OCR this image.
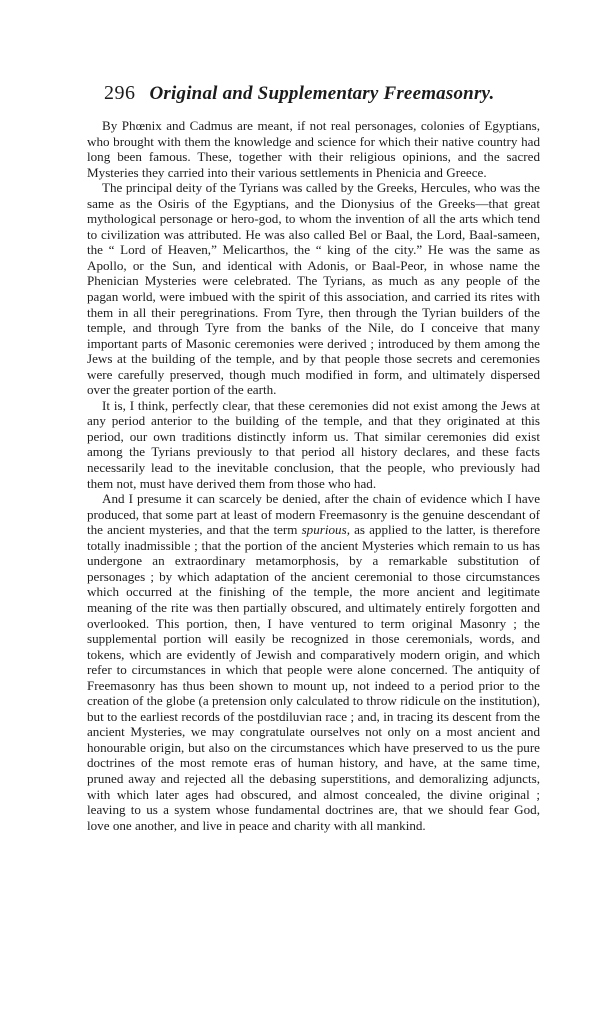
296 Original and Supplementary Freemasonry.

By Phœnix and Cadmus are meant, if not real personages, colonies of Egyptians, who brought with them the knowledge and science for which their native country had long been famous. These, together with their religious opinions, and the sacred Mysteries they carried into their various settlements in Phenicia and Greece.

The principal deity of the Tyrians was called by the Greeks, Hercules, who was the same as the Osiris of the Egyptians, and the Dionysius of the Greeks—that great mythological personage or hero-god, to whom the invention of all the arts which tend to civilization was attributed. He was also called Bel or Baal, the Lord, Baal-sameen, the “ Lord of Heaven,” Melicarthos, the “ king of the city.” He was the same as Apollo, or the Sun, and identical with Adonis, or Baal-Peor, in whose name the Phenician Mysteries were celebrated. The Tyrians, as much as any people of the pagan world, were imbued with the spirit of this association, and carried its rites with them in all their peregrinations. From Tyre, then through the Tyrian builders of the temple, and through Tyre from the banks of the Nile, do I conceive that many important parts of Masonic ceremonies were derived ; introduced by them among the Jews at the building of the temple, and by that people those secrets and ceremonies were carefully preserved, though much modified in form, and ultimately dispersed over the greater portion of the earth.

It is, I think, perfectly clear, that these ceremonies did not exist among the Jews at any period anterior to the building of the temple, and that they originated at this period, our own traditions distinctly inform us. That similar ceremonies did exist among the Tyrians previously to that period all history declares, and these facts necessarily lead to the inevitable conclusion, that the people, who previously had them not, must have derived them from those who had.

And I presume it can scarcely be denied, after the chain of evidence which I have produced, that some part at least of modern Freemasonry is the genuine descendant of the ancient mysteries, and that the term spurious, as applied to the latter, is therefore totally inadmissible ; that the portion of the ancient Mysteries which remain to us has undergone an extraordinary metamorphosis, by a remarkable substitution of personages ; by which adaptation of the ancient ceremonial to those circumstances which occurred at the finishing of the temple, the more ancient and legitimate meaning of the rite was then partially obscured, and ultimately entirely forgotten and overlooked. This portion, then, I have ventured to term original Masonry ; the supplemental portion will easily be recognized in those ceremonials, words, and tokens, which are evidently of Jewish and comparatively modern origin, and which refer to circumstances in which that people were alone concerned. The antiquity of Freemasonry has thus been shown to mount up, not indeed to a period prior to the creation of the globe (a pretension only calculated to throw ridicule on the institution), but to the earliest records of the postdiluvian race ; and, in tracing its descent from the ancient Mysteries, we may congratulate ourselves not only on a most ancient and honourable origin, but also on the circumstances which have preserved to us the pure doctrines of the most remote eras of human history, and have, at the same time, pruned away and rejected all the debasing superstitions, and demoralizing adjuncts, with which later ages had obscured, and almost concealed, the divine original ; leaving to us a system whose fundamental doctrines are, that we should fear God, love one another, and live in peace and charity with all mankind.
